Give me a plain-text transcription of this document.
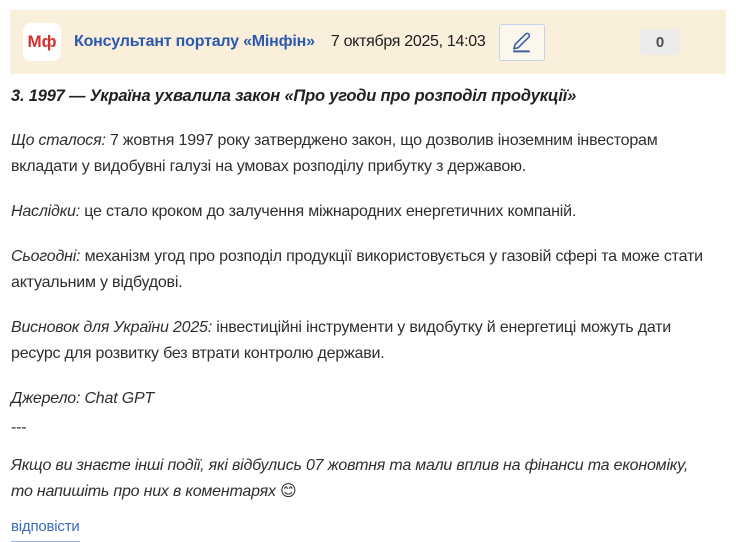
Мф Консультант порталу «Мінфін» 7 октября 2025, 14:03	0

3. 1997 — Україна ухвалила закон «Про угоди про розподіл продукції»

Що сталося: 7 жовтня 1997 року затверджено закон, що дозволив іноземним інвесторам вкладати у видобувні галузі на умовах розподілу прибутку з державою.

Наслідки: це стало кроком до залучення міжнародних енергетичних компаній.

Сьогодні: механізм угод про розподіл продукції використовується у газовій сфері та може стати актуальним у відбудові.

Висновок для України 2025: інвестиційні інструменти у видобутку й енергетиці можуть дати ресурс для розвитку без втрати контролю держави.

Джерело: Chat GPT

---

Якщо ви знаєте інші події, які відбулись 07 жовтня та мали вплив на фінанси та економіку, то напишіть про них в коментарях 😊

відповісти
